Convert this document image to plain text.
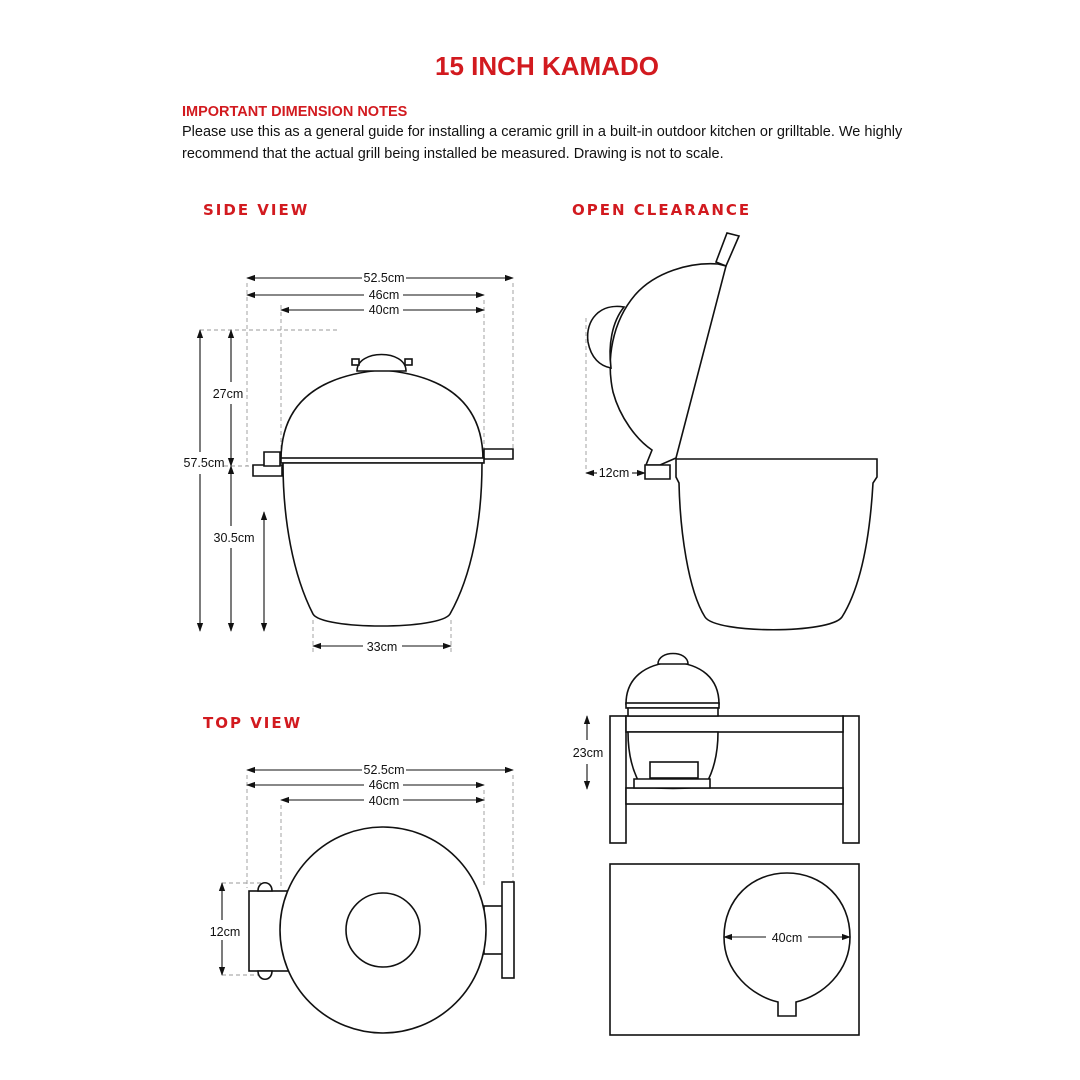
15 INCH KAMADO
IMPORTANT DIMENSION NOTES
Please use this as a general guide for installing a ceramic grill in a built-in outdoor kitchen or grilltable. We highly
recommend that the actual grill being installed be measured. Drawing is not to scale.
SIDE VIEW	OPEN CLEARANCE
TOP VIEW
52.5cm
46cm
40cm
57.5cm
27cm
30.5cm
33cm
12cm
52.5cm
46cm
40cm
12cm
23cm
40cm
